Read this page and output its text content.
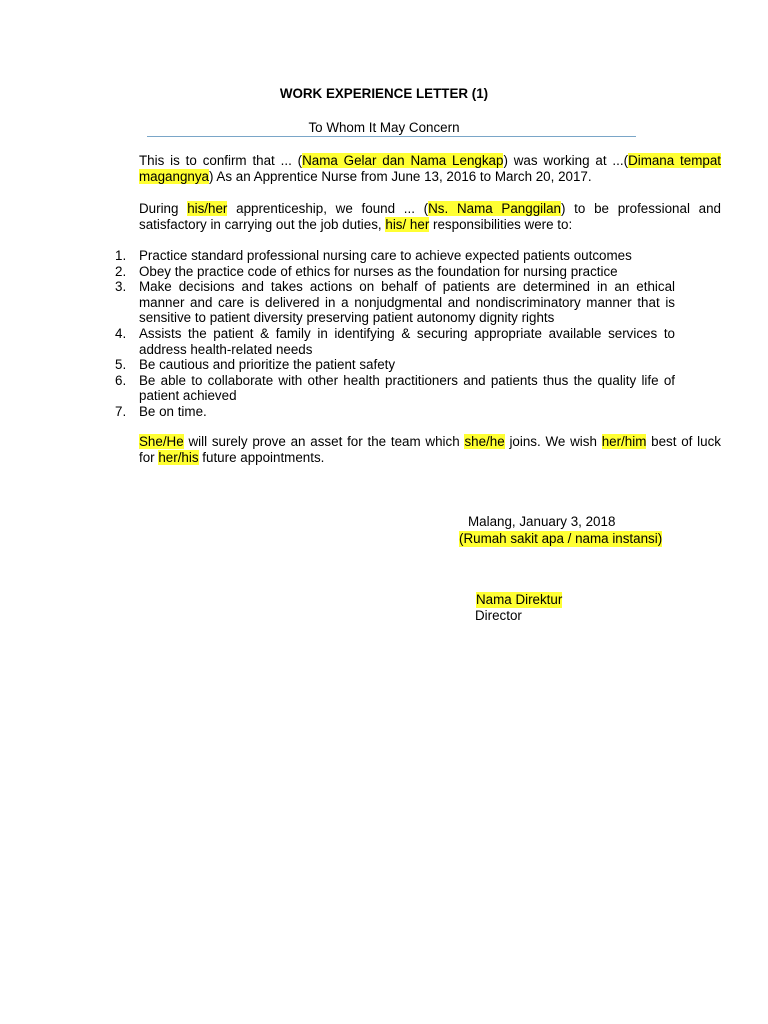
WORK EXPERIENCE LETTER (1)
To Whom It May Concern
This is to confirm that ... (Nama Gelar dan Nama Lengkap) was working at ...(Dimana tempat magangnya) As an Apprentice Nurse from June 13, 2016 to March 20, 2017.
During his/her apprenticeship, we found ... (Ns. Nama Panggilan) to be professional and satisfactory in carrying out the job duties, his/ her responsibilities were to:
1. Practice standard professional nursing care to achieve expected patients outcomes
2. Obey the practice code of ethics for nurses as the foundation for nursing practice
3. Make decisions and takes actions on behalf of patients are determined in an ethical manner and care is delivered in a nonjudgmental and nondiscriminatory manner that is sensitive to patient diversity preserving patient autonomy dignity rights
4. Assists the patient & family in identifying & securing appropriate available services to address health-related needs
5. Be cautious and prioritize the patient safety
6. Be able to collaborate with other health practitioners and patients thus the quality life of patient achieved
7. Be on time.
She/He will surely prove an asset for the team which she/he joins. We wish her/him best of luck for her/his future appointments.
Malang, January 3, 2018
(Rumah sakit apa / nama instansi)
Nama Direktur
Director
